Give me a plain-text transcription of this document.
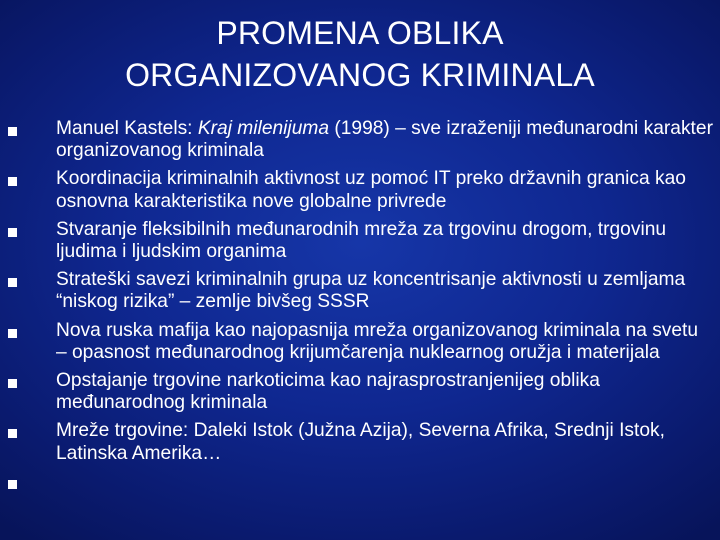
PROMENA OBLIKA
ORGANIZOVANOG KRIMINALA
Manuel Kastels: Kraj milenijuma (1998) – sve izraženiji međunarodni karakter organizovanog kriminala
Koordinacija kriminalnih aktivnost uz pomoć IT preko državnih granica kao osnovna karakteristika nove globalne privrede
Stvaranje fleksibilnih međunarodnih mreža za trgovinu drogom, trgovinu ljudima i ljudskim organima
Strateški savezi kriminalnih grupa uz koncentrisanje aktivnosti u zemljama “niskog rizika” – zemlje bivšeg SSSR
Nova ruska mafija kao najopasnija mreža organizovanog kriminala na svetu – opasnost međunarodnog krijumčarenja nuklearnog oružja i materijala
Opstajanje trgovine narkoticima kao najrasprostranjenijeg oblika međunarodnog kriminala
Mreže trgovine: Daleki Istok (Južna Azija), Severna Afrika, Srednji Istok, Latinska Amerika…
